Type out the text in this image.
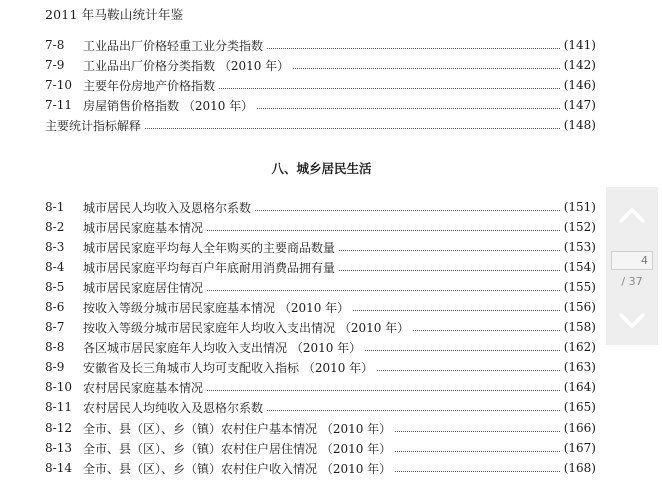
2011 年马鞍山统计年鉴
7-8	工业品出厂价格轻重工业分类指数	(141)
7-9	工业品出厂价格分类指数 （2010 年）	(142)
7-10 主要年份房地产价格指数	(146)
7-11 房屋销售价格指数 （2010 年）	(147)
主要统计指标解释	(148)
八、城乡居民生活
8-1	城市居民人均收入及恩格尔系数	(151)
8-2	城市居民家庭基本情况	(152)
8-3	城市居民家庭平均每人全年购买的主要商品数量	(153)
8-4	城市居民家庭平均每百户年底耐用消费品拥有量	(154)
8-5	城市居民家庭居住情况	(155)
8-6	按收入等级分城市居民家庭基本情况 （2010 年）	(156)
8-7	按收入等级分城市居民家庭年人均收入支出情况 （2010 年）	(158)
8-8	各区城市居民家庭年人均收入支出情况 （2010 年）	(162)
8-9	安徽省及长三角城市人均可支配收入指标 （2010 年）	(163)
8-10 农村居民家庭基本情况	(164)
8-11 农村居民人均纯收入及恩格尔系数	(165)
8-12 全市、县（区）、乡（镇）农村住户基本情况 （2010 年）	(166)
8-13 全市、县（区）、乡（镇）农村住户居住情况 （2010 年）	(167)
8-14 全市、县（区）、乡（镇）农村住户收入情况 （2010 年）	(168)
4
/ 37
